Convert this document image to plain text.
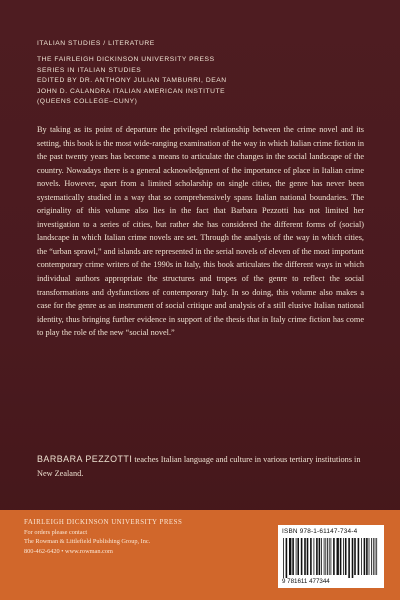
ITALIAN STUDIES / LITERATURE
THE FAIRLEIGH DICKINSON UNIVERSITY PRESS
SERIES IN ITALIAN STUDIES
EDITED BY DR. ANTHONY JULIAN TAMBURRI, DEAN
JOHN D. CALANDRA ITALIAN AMERICAN INSTITUTE
(QUEENS COLLEGE–CUNY)
By taking as its point of departure the privileged relationship between the crime novel and its setting, this book is the most wide-ranging examination of the way in which Italian crime fiction in the past twenty years has become a means to articulate the changes in the social landscape of the country. Nowadays there is a general acknowledgment of the importance of place in Italian crime novels. However, apart from a limited scholarship on single cities, the genre has never been systematically studied in a way that so comprehensively spans Italian national boundaries. The originality of this volume also lies in the fact that Barbara Pezzotti has not limited her investigation to a series of cities, but rather she has considered the different forms of (social) landscape in which Italian crime novels are set. Through the analysis of the way in which cities, the “urban sprawl,” and islands are represented in the serial novels of eleven of the most important contemporary crime writers of the 1990s in Italy, this book articulates the different ways in which individual authors appropriate the structures and tropes of the genre to reflect the social transformations and dysfunctions of contemporary Italy. In so doing, this volume also makes a case for the genre as an instrument of social critique and analysis of a still elusive Italian national identity, thus bringing further evidence in support of the thesis that in Italy crime fiction has come to play the role of the new “social novel.”
BARBARA PEZZOTTI teaches Italian language and culture in various tertiary institutions in New Zealand.
FAIRLEIGH DICKINSON UNIVERSITY PRESS
For orders please contact
The Rowman & Littlefield Publishing Group, Inc.
800-462-6420 • www.rowman.com
ISBN 978-1-61147-734-4
9 781611 477344
